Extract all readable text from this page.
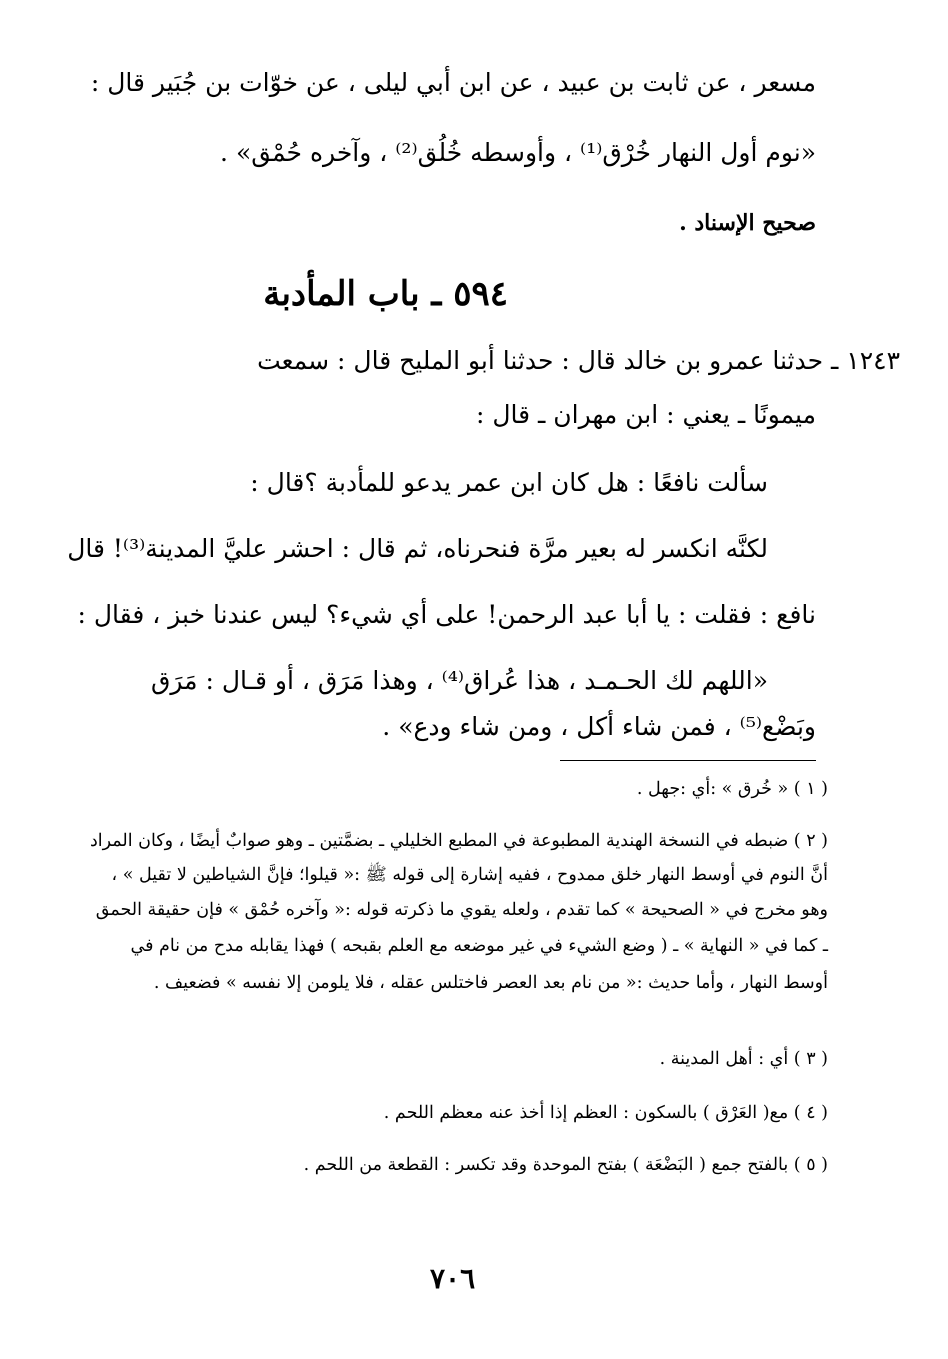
مسعر ، عن ثابت بن عبيد ، عن ابن أبي ليلى ، عن خوّات بن جُبَير قال :
«نوم أول النهار خُرْق⁽¹⁾ ، وأوسطه خُلُق⁽²⁾ ، وآخره حُمْق» .
صحيح الإسناد .
٥٩٤ ـ باب المأدبة
١٢٤٣ ـ حدثنا عمرو بن خالد قال : حدثنا أبو المليح قال : سمعت
ميمونًا ـ يعني : ابن مهران ـ قال :
سألت نافعًا : هل كان ابن عمر يدعو للمأدبة ؟قال :
لكنَّه انكسر له بعير مرَّة فنحرناه، ثم قال : احشر عليَّ المدينة⁽³⁾! قال
نافع : فقلت : يا أبا عبد الرحمن! على أي شيء؟ ليس عندنا خبز ، فقال :
«اللهم لك الحـمـد ، هذا عُراق⁽⁴⁾ ، وهذا مَرَق ، أو قـال : مَرَق
وبَضْع⁽⁵⁾ ، فمن شاء أكل ، ومن شاء ودع» .
( ١ ) « خُرق » :أي :جهل .
( ٢ ) ضبطه في النسخة الهندية المطبوعة في المطبع الخليلي ـ بضمَّتين ـ وهو صوابٌ أيضًا ، وكان المراد
أنَّ النوم في أوسط النهار خلق ممدوح ، ففيه إشارة إلى قوله ﷺ :« قيلوا؛ فإنَّ الشياطين لا تقيل » ،
وهو مخرج في « الصحيحة » كما تقدم ، ولعله يقوي ما ذكرته قوله :« وآخره حُمْق » فإن حقيقة الحمق
ـ كما في « النهاية » ـ ( وضع الشيء في غير موضعه مع العلم بقبحه ) فهذا يقابله مدح من نام في
أوسط النهار ، وأما حديث :« من نام بعد العصر فاختلس عقله ، فلا يلومن إلا نفسه » فضعيف .
( ٣ ) أي : أهل المدينة .
( ٤ ) مع( العَرْق ) بالسكون : العظم إذا أخذ عنه معظم اللحم .
( ٥ ) بالفتح جمع ( البَضْعَة ) بفتح الموحدة وقد تكسر : القطعة من اللحم .
٧٠٦
